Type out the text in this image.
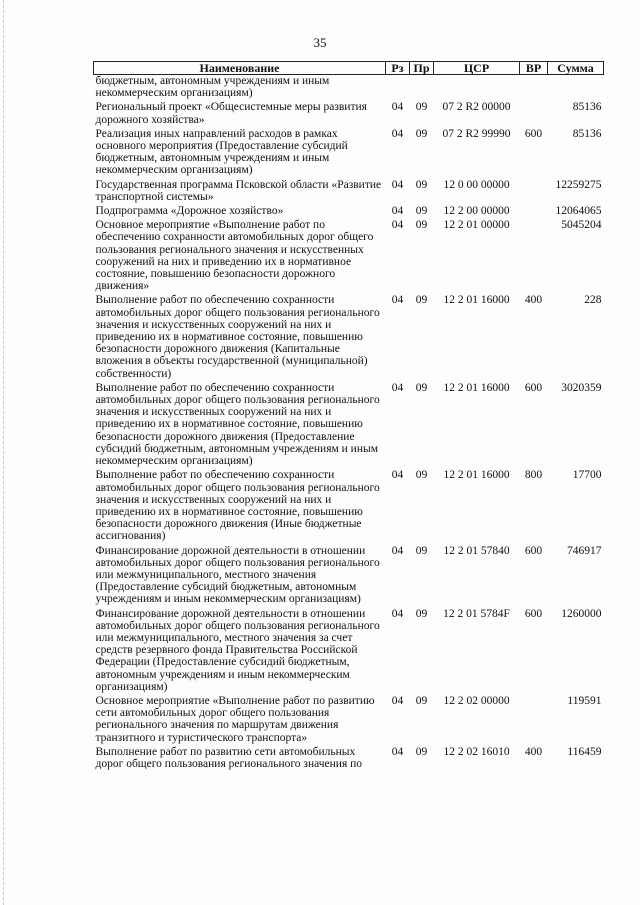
35
Наименование	Рз	Пр	ЦСР	ВР	Сумма
бюджетным, автономным учреждениям и иным некоммерческим организациям)					
Региональный проект «Общесистемные меры развития дорожного хозяйства»	04	09	07 2 R2 00000		85136
Реализация иных направлений расходов в рамках основного мероприятия (Предоставление субсидий бюджетным, автономным учреждениям и иным некоммерческим организациям)	04	09	07 2 R2 99990	600	85136
Государственная программа Псковской области «Развитие транспортной системы»	04	09	12 0 00 00000		12259275
Подпрограмма «Дорожное хозяйство»	04	09	12 2 00 00000		12064065
Основное мероприятие «Выполнение работ по обеспечению сохранности автомобильных дорог общего пользования регионального значения и искусственных сооружений на них и приведению их в нормативное состояние, повышению безопасности дорожного движения»	04	09	12 2 01 00000		5045204
Выполнение работ по обеспечению сохранности автомобильных дорог общего пользования регионального значения и искусственных сооружений на них и приведению их в нормативное состояние, повышению безопасности дорожного движения (Капитальные вложения в объекты государственной (муниципальной) собственности)	04	09	12 2 01 16000	400	228
Выполнение работ по обеспечению сохранности автомобильных дорог общего пользования регионального значения и искусственных сооружений на них и приведению их в нормативное состояние, повышению безопасности дорожного движения (Предоставление субсидий бюджетным, автономным учреждениям и иным некоммерческим организациям)	04	09	12 2 01 16000	600	3020359
Выполнение работ по обеспечению сохранности автомобильных дорог общего пользования регионального значения и искусственных сооружений на них и приведению их в нормативное состояние, повышению безопасности дорожного движения (Иные бюджетные ассигнования)	04	09	12 2 01 16000	800	17700
Финансирование дорожной деятельности в отношении автомобильных дорог общего пользования регионального или межмуниципального, местного значения (Предоставление субсидий бюджетным, автономным учреждениям и иным некоммерческим организациям)	04	09	12 2 01 57840	600	746917
Финансирование дорожной деятельности в отношении автомобильных дорог общего пользования регионального или межмуниципального, местного значения за счет средств резервного фонда Правительства Российской Федерации (Предоставление субсидий бюджетным, автономным учреждениям и иным некоммерческим организациям)	04	09	12 2 01 5784F	600	1260000
Основное мероприятие «Выполнение работ по развитию сети автомобильных дорог общего пользования регионального значения по маршрутам движения транзитного и туристического транспорта»	04	09	12 2 02 00000		119591
Выполнение работ по развитию сети автомобильных дорог общего пользования регионального значения по	04	09	12 2 02 16010	400	116459
